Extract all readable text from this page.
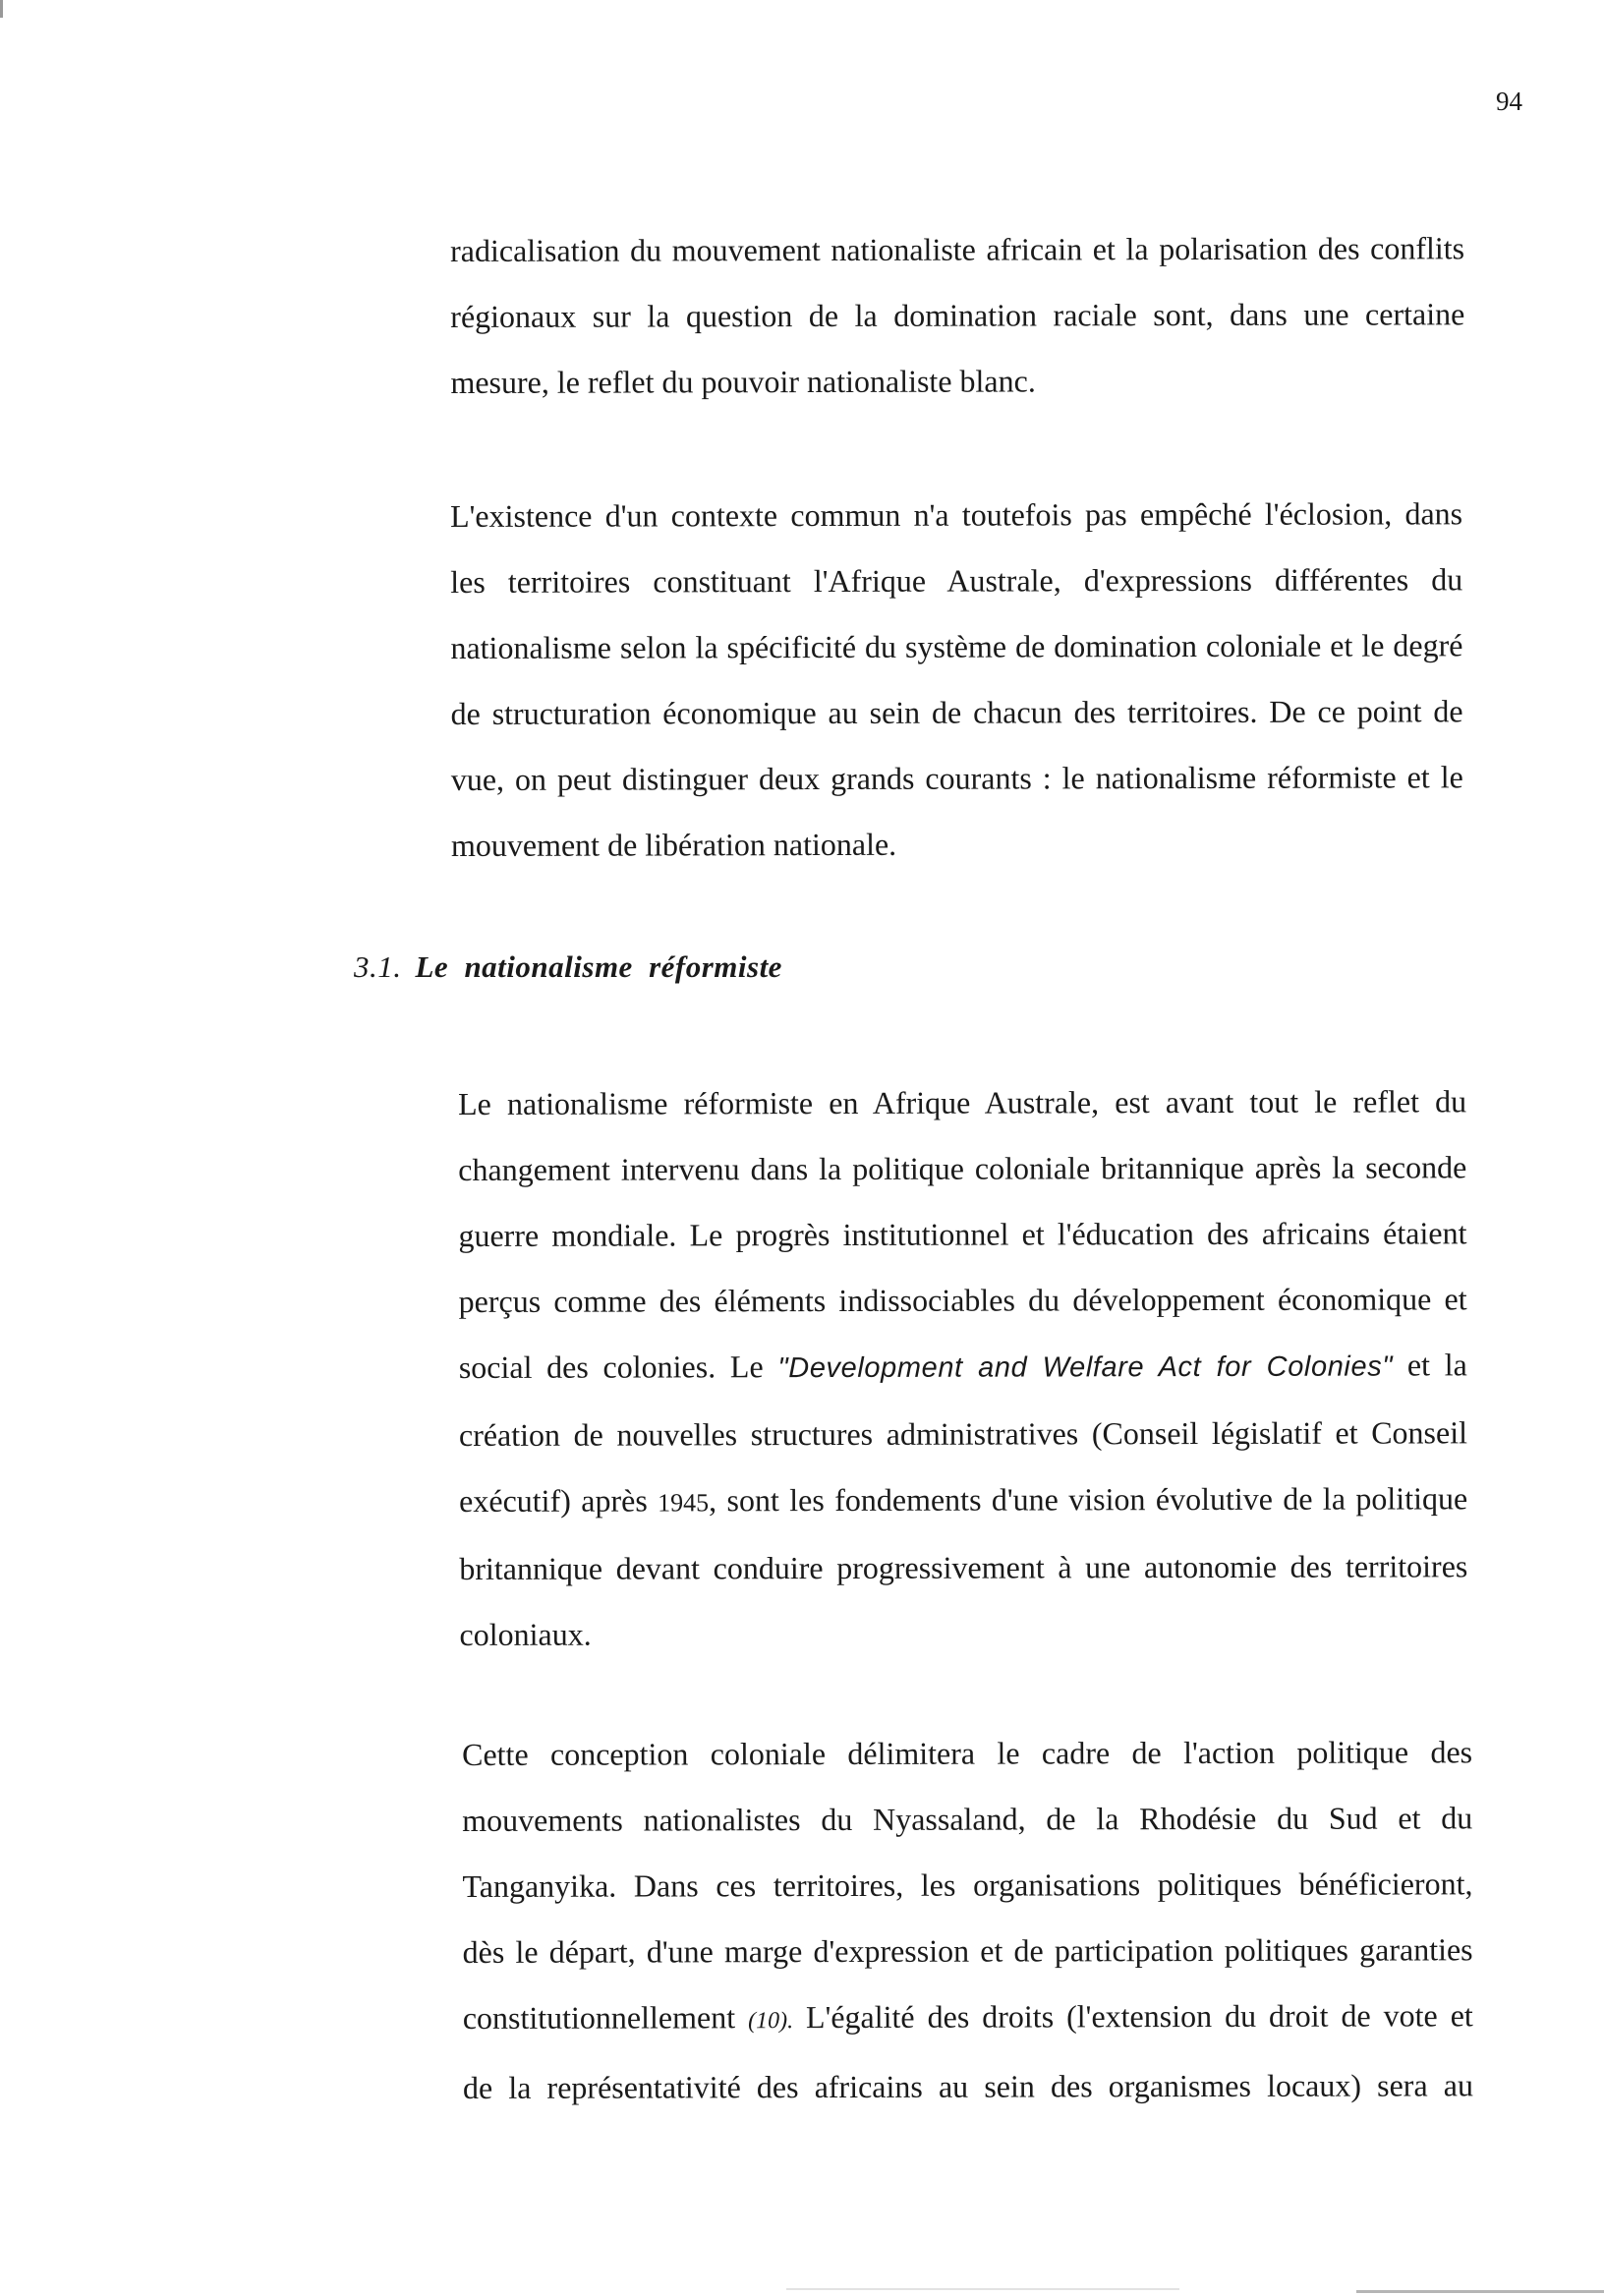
94

radicalisation du mouvement nationaliste africain et la polarisation des conflits
régionaux sur la question de la domination raciale sont, dans une certaine
mesure, le reflet du pouvoir nationaliste blanc.

L'existence d'un contexte commun n'a toutefois pas empêché l'éclosion, dans
les territoires constituant l'Afrique Australe, d'expressions différentes du
nationalisme selon la spécificité du système de domination coloniale et le degré
de structuration économique au sein de chacun des territoires. De ce point de
vue, on peut distinguer deux grands courants : le nationalisme réformiste et le
mouvement de libération nationale.

3.1. Le nationalisme réformiste

Le nationalisme réformiste en Afrique Australe, est avant tout le reflet du
changement intervenu dans la politique coloniale britannique après la seconde
guerre mondiale. Le progrès institutionnel et l'éducation des africains étaient
perçus comme des éléments indissociables du développement économique et
social des colonies. Le "Development and Welfare Act for Colonies" et la
création de nouvelles structures administratives (Conseil législatif et Conseil
exécutif) après 1945, sont les fondements d'une vision évolutive de la politique
britannique devant conduire progressivement à une autonomie des territoires
coloniaux.

Cette conception coloniale délimitera le cadre de l'action politique des
mouvements nationalistes du Nyassaland, de la Rhodésie du Sud et du
Tanganyika. Dans ces territoires, les organisations politiques bénéficieront,
dès le départ, d'une marge d'expression et de participation politiques garanties
constitutionnellement (10). L'égalité des droits (l'extension du droit de vote et
de la représentativité des africains au sein des organismes locaux) sera au
